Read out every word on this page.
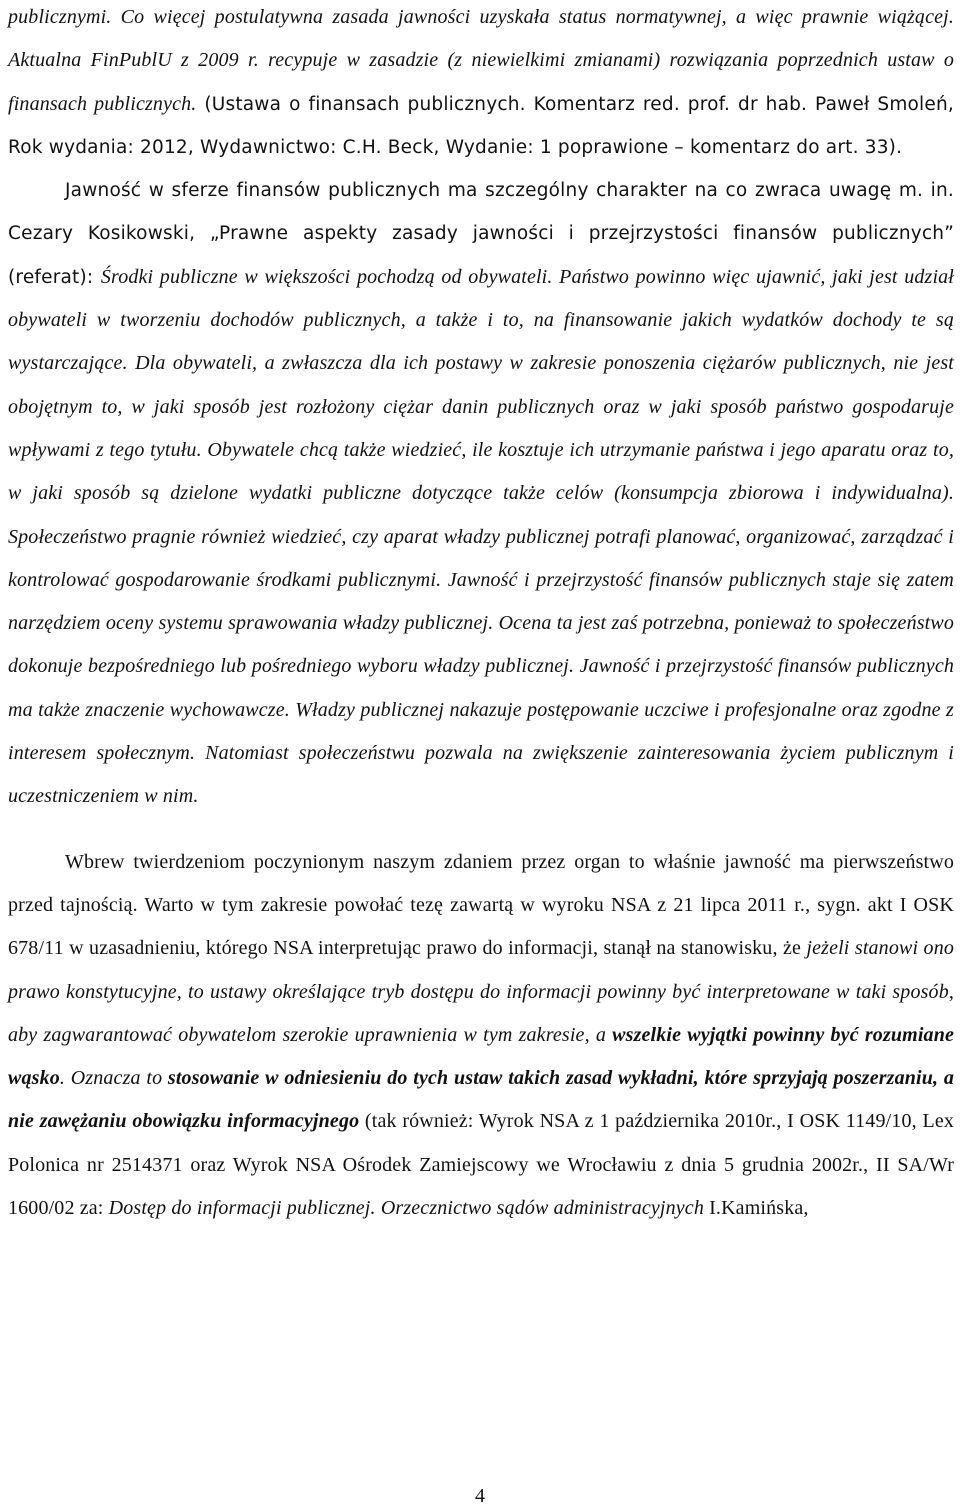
publicznymi. Co więcej postulatywna zasada jawności uzyskała status normatywnej, a więc prawnie wiążącej. Aktualna FinPublU z 2009 r. recypuje w zasadzie (z niewielkimi zmianami) rozwiązania poprzednich ustaw o finansach publicznych. (Ustawa o finansach publicznych. Komentarz red. prof. dr hab. Paweł Smoleń, Rok wydania: 2012, Wydawnictwo: C.H. Beck, Wydanie: 1 poprawione – komentarz do art. 33).

Jawność w sferze finansów publicznych ma szczególny charakter na co zwraca uwagę m. in. Cezary Kosikowski, „Prawne aspekty zasady jawności i przejrzystości finansów publicznych” (referat): Środki publiczne w większości pochodzą od obywateli. Państwo powinno więc ujawnić, jaki jest udział obywateli w tworzeniu dochodów publicznych, a także i to, na finansowanie jakich wydatków dochody te są wystarczające. Dla obywateli, a zwłaszcza dla ich postawy w zakresie ponoszenia ciężarów publicznych, nie jest obojętnym to, w jaki sposób jest rozłożony ciężar danin publicznych oraz w jaki sposób państwo gospodaruje wpływami z tego tytułu. Obywatele chcą także wiedzieć, ile kosztuje ich utrzymanie państwa i jego aparatu oraz to, w jaki sposób są dzielone wydatki publiczne dotyczące także celów (konsumpcja zbiorowa i indywidualna). Społeczeństwo pragnie również wiedzieć, czy aparat władzy publicznej potrafi planować, organizować, zarządzać i kontrolować gospodarowanie środkami publicznymi. Jawność i przejrzystość finansów publicznych staje się zatem narzędziem oceny systemu sprawowania władzy publicznej. Ocena ta jest zaś potrzebna, ponieważ to społeczeństwo dokonuje bezpośredniego lub pośredniego wyboru władzy publicznej. Jawność i przejrzystość finansów publicznych ma także znaczenie wychowawcze. Władzy publicznej nakazuje postępowanie uczciwe i profesjonalne oraz zgodne z interesem społecznym. Natomiast społeczeństwu pozwala na zwiększenie zainteresowania życiem publicznym i uczestniczeniem w nim.

Wbrew twierdzeniom poczynionym naszym zdaniem przez organ to właśnie jawność ma pierwszeństwo przed tajnością. Warto w tym zakresie powołać tezę zawartą w wyroku NSA z 21 lipca 2011 r., sygn. akt I OSK 678/11 w uzasadnieniu, którego NSA interpretując prawo do informacji, stanął na stanowisku, że jeżeli stanowi ono prawo konstytucyjne, to ustawy określające tryb dostępu do informacji powinny być interpretowane w taki sposób, aby zagwarantować obywatelom szerokie uprawnienia w tym zakresie, a wszelkie wyjątki powinny być rozumiane wąsko. Oznacza to stosowanie w odniesieniu do tych ustaw takich zasad wykładni, które sprzyjają poszerzaniu, a nie zawężaniu obowiązku informacyjnego (tak również: Wyrok NSA z 1 października 2010r., I OSK 1149/10, Lex Polonica nr 2514371 oraz Wyrok NSA Ośrodek Zamiejscowy we Wrocławiu z dnia 5 grudnia 2002r., II SA/Wr 1600/02 za: Dostęp do informacji publicznej. Orzecznictwo sądów administracyjnych I.Kamińska,

4
